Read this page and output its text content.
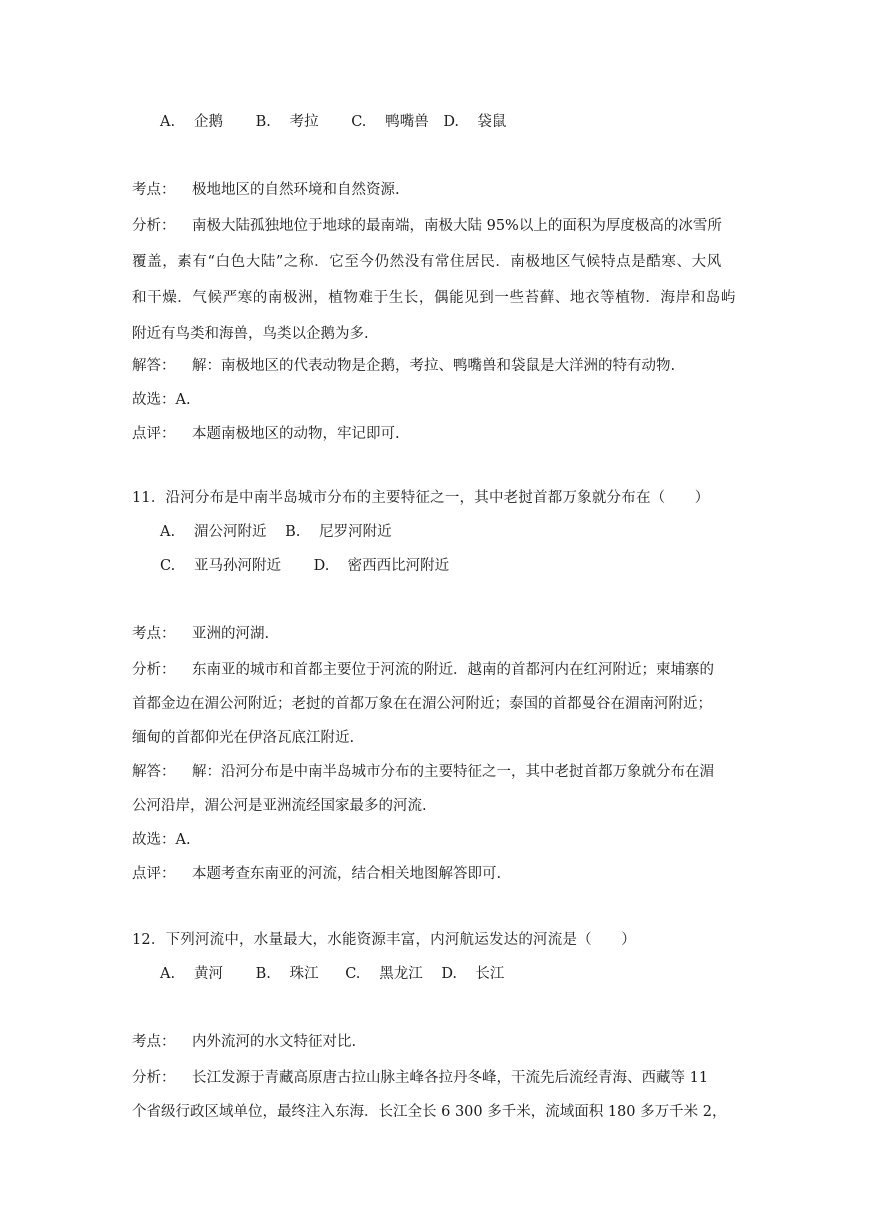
A. 企鹅 B. 考拉 C. 鸭嘴兽 D. 袋鼠
考点： 极地地区的自然环境和自然资源.
分析： 南极大陆孤独地位于地球的最南端，南极大陆 95%以上的面积为厚度极高的冰雪所
覆盖，素有“白色大陆”之称．它至今仍然没有常住居民．南极地区气候特点是酷寒、大风
和干燥．气候严寒的南极洲，植物难于生长，偶能见到一些苔藓、地衣等植物．海岸和岛屿
附近有鸟类和海兽，鸟类以企鹅为多.
解答： 解：南极地区的代表动物是企鹅，考拉、鸭嘴兽和袋鼠是大洋洲的特有动物.
故选：A.
点评： 本题南极地区的动物，牢记即可.
11．沿河分布是中南半岛城市分布的主要特征之一，其中老挝首都万象就分布在（　　）
A. 湄公河附近 B. 尼罗河附近
C. 亚马孙河附近 D. 密西西比河附近
考点： 亚洲的河湖.
分析： 东南亚的城市和首都主要位于河流的附近．越南的首都河内在红河附近；柬埔寨的
首都金边在湄公河附近；老挝的首都万象在在湄公河附近；泰国的首都曼谷在湄南河附近；
缅甸的首都仰光在伊洛瓦底江附近.
解答： 解：沿河分布是中南半岛城市分布的主要特征之一，其中老挝首都万象就分布在湄
公河沿岸，湄公河是亚洲流经国家最多的河流.
故选：A.
点评： 本题考查东南亚的河流，结合相关地图解答即可.
12．下列河流中，水量最大，水能资源丰富，内河航运发达的河流是（　　）
A. 黄河 B. 珠江 C. 黑龙江 D. 长江
考点： 内外流河的水文特征对比.
分析： 长江发源于青藏高原唐古拉山脉主峰各拉丹冬峰，干流先后流经青海、西藏等 11
个省级行政区域单位，最终注入东海．长江全长 6 300 多千米，流域面积 180 多万千米 2，
